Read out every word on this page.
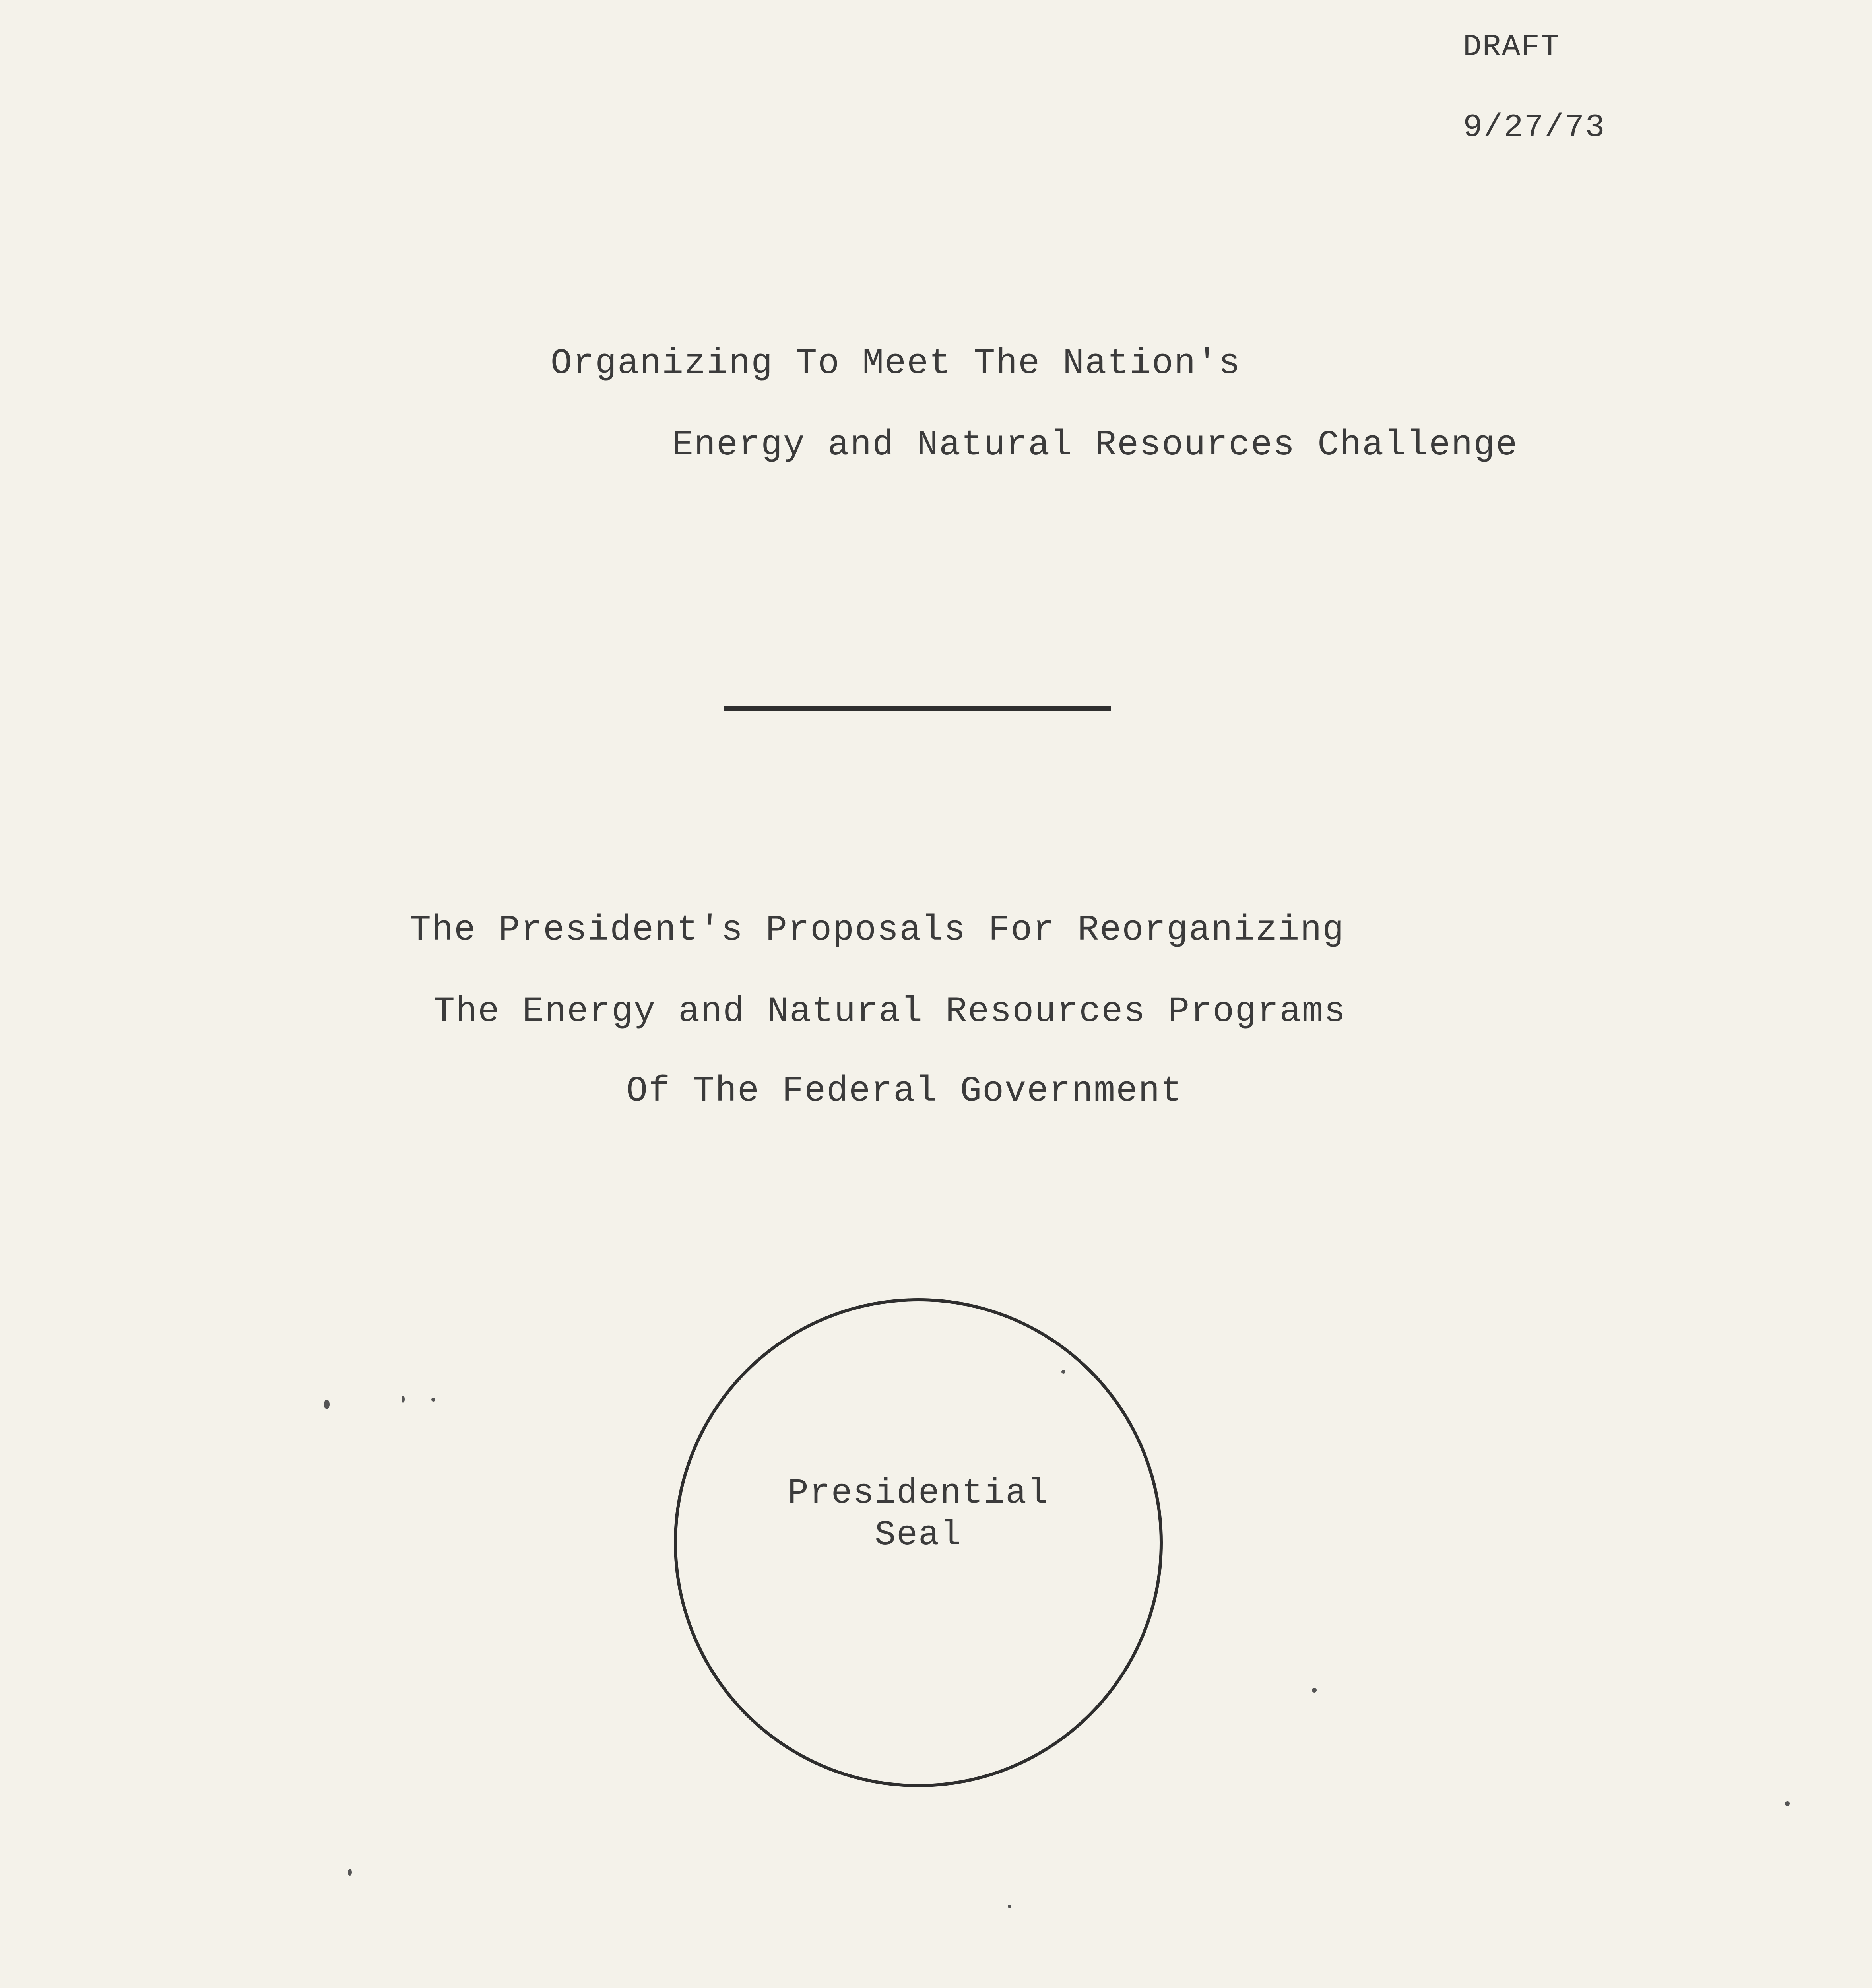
DRAFT
9/27/73
Organizing To Meet The Nation's
Energy and Natural Resources Challenge
The President's Proposals For Reorganizing
The Energy and Natural Resources Programs
Of The Federal Government
Presidential
Seal
